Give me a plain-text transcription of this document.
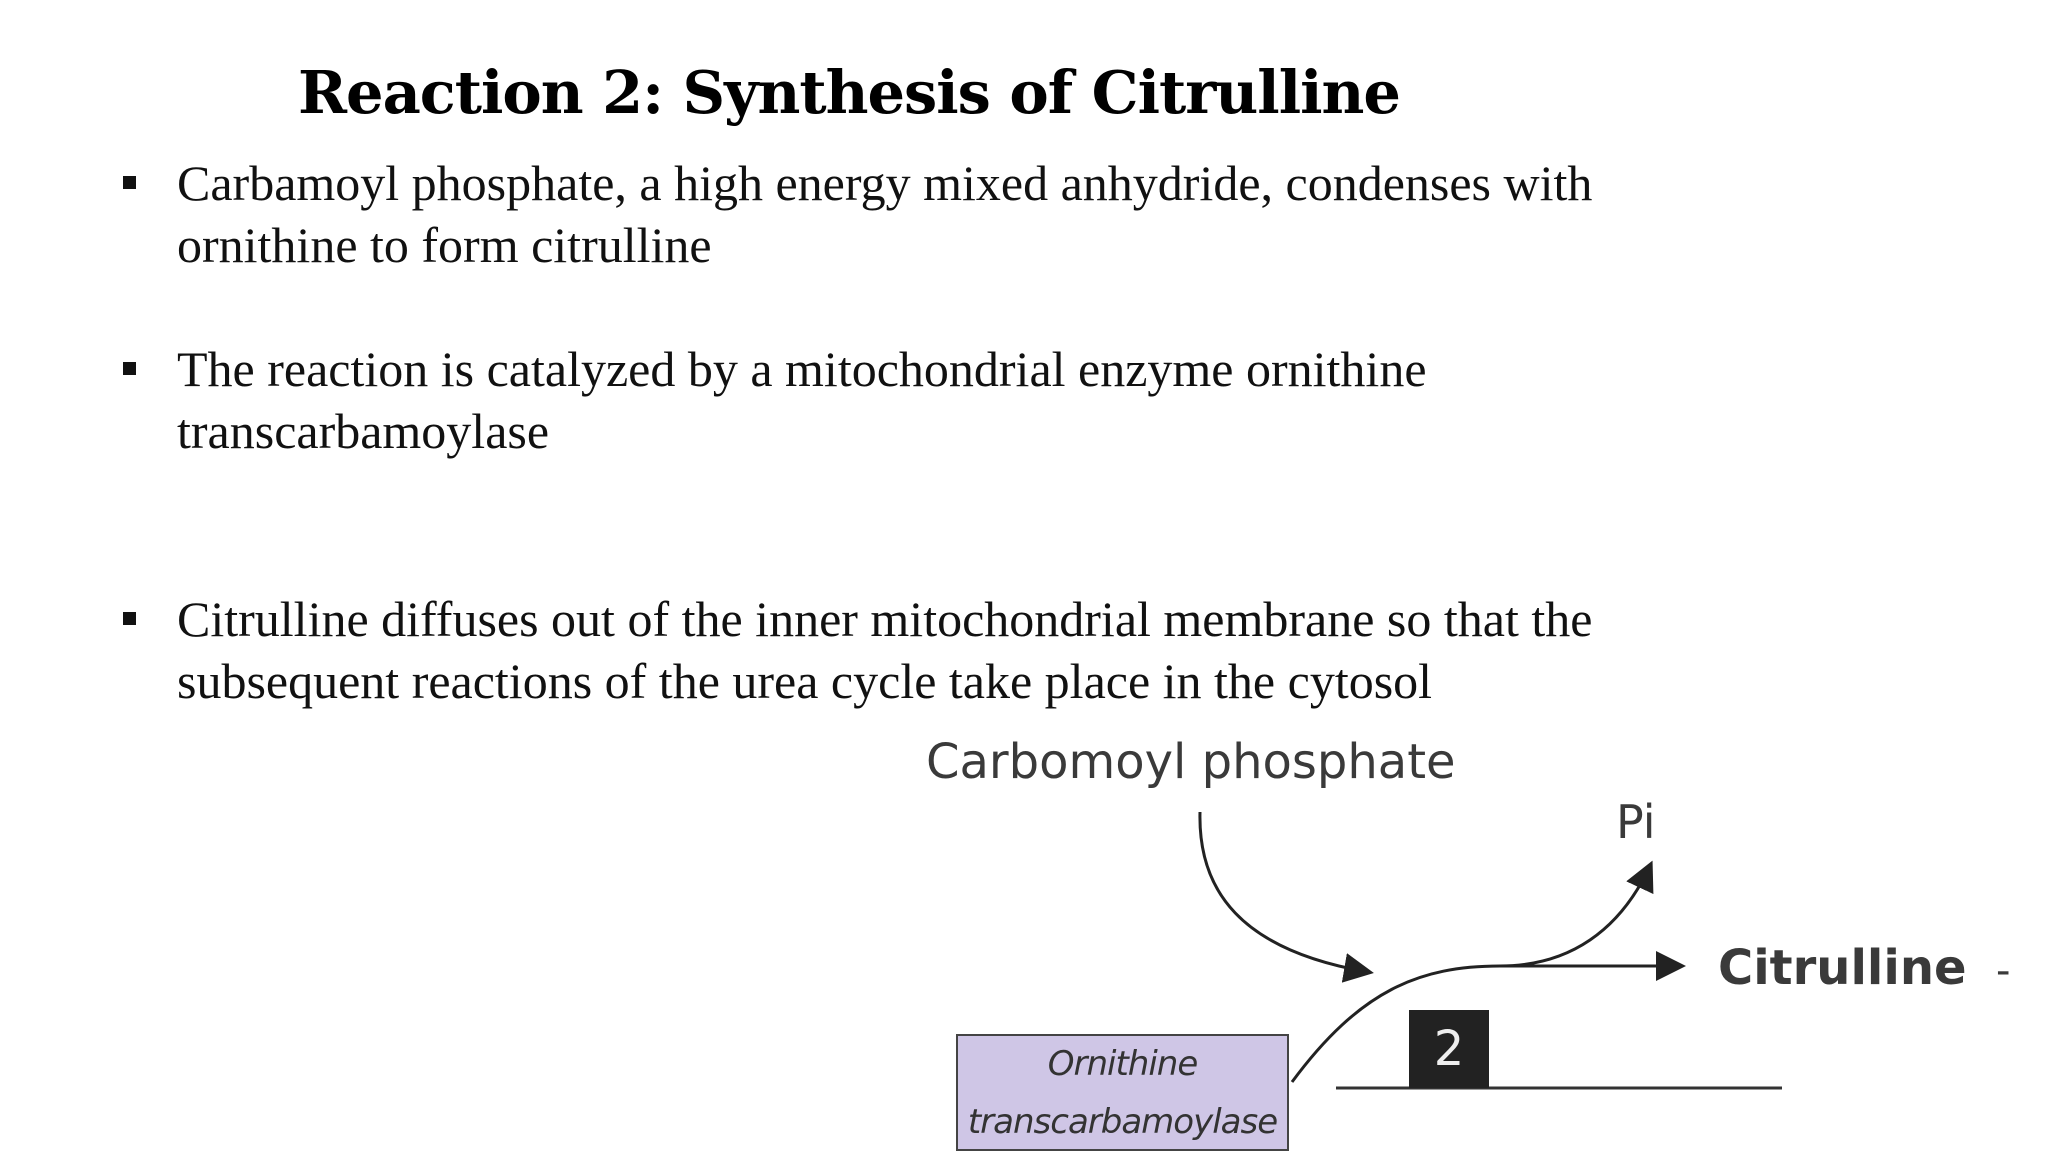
Reaction 2: Synthesis of Citrulline
Carbamoyl phosphate, a high energy mixed anhydride, condenses with
ornithine to form citrulline
The reaction is catalyzed by a mitochondrial enzyme ornithine
transcarbamoylase
Citrulline diffuses out of the inner mitochondrial membrane so that the
subsequent reactions of the urea cycle take place in the cytosol
Carbomoyl phosphate
Pi
Citrulline -
Ornithine
transcarbamoylase
2
